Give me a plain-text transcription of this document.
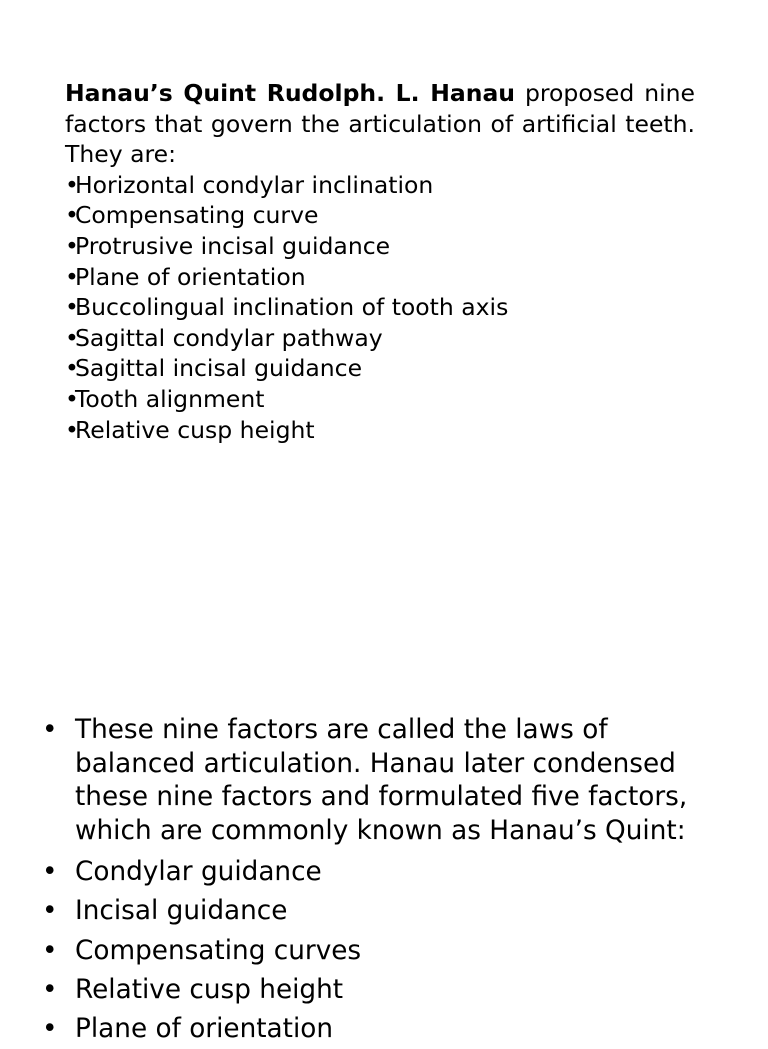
Hanau’s Quint Rudolph. L. Hanau proposed nine factors that govern the articulation of artificial teeth. They are:

•Horizontal condylar inclination
•Compensating curve
•Protrusive incisal guidance
•Plane of orientation
•Buccolingual inclination of tooth axis
•Sagittal condylar pathway
•Sagittal incisal guidance
•Tooth alignment
•Relative cusp height
• These nine factors are called the laws of balanced articulation. Hanau later condensed these nine factors and formulated five factors, which are commonly known as Hanau’s Quint:
• Condylar guidance
• Incisal guidance
• Compensating curves
• Relative cusp height
• Plane of orientation
